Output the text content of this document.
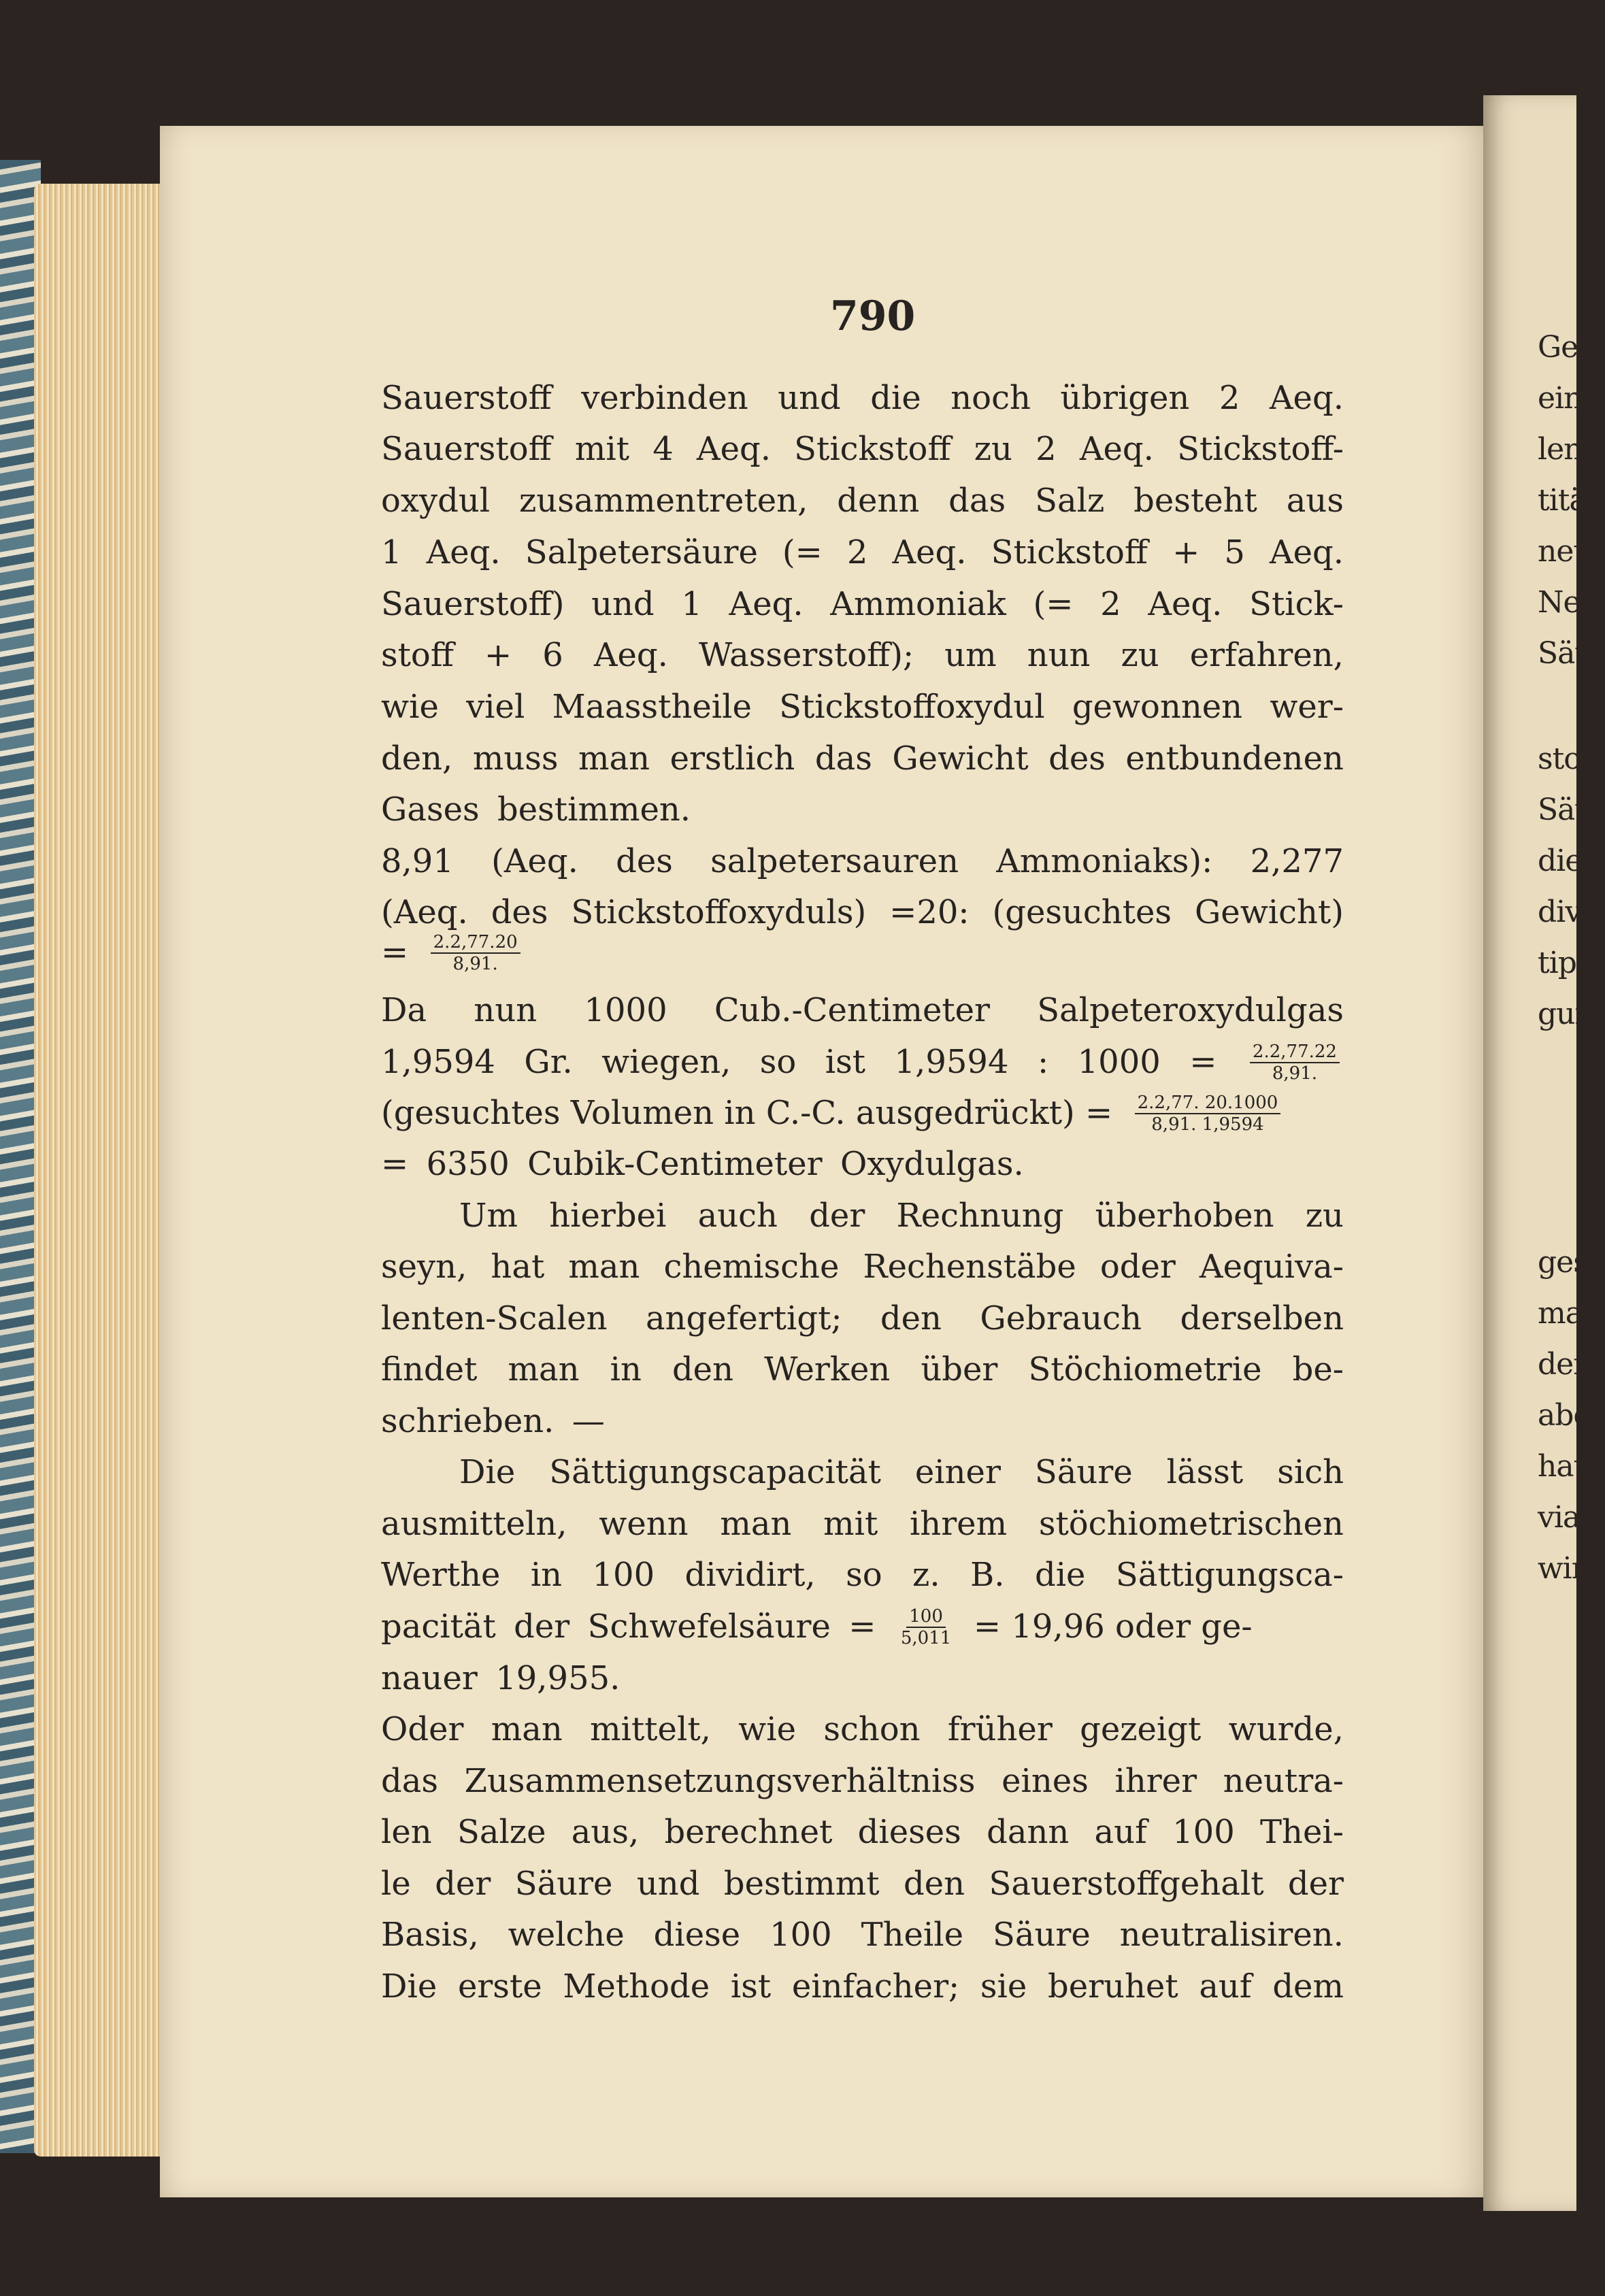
Ges
ein
len
titä
neu
Nei
Sät
stof
Säu
dies
divi
tipl
gun
gese
man
den
abe
hat
viat
wir
790
Sauerstoff verbinden und die noch übrigen 2 Aeq.
Sauerstoff mit 4 Aeq. Stickstoff zu 2 Aeq. Stickstoff-
oxydul zusammentreten, denn das Salz besteht aus
1 Aeq. Salpetersäure (= 2 Aeq. Stickstoff + 5 Aeq.
Sauerstoff) und 1 Aeq. Ammoniak (= 2 Aeq. Stick-
stoff + 6 Aeq. Wasserstoff); um nun zu erfahren,
wie viel Maasstheile Stickstoffoxydul gewonnen wer-
den, muss man erstlich das Gewicht des entbundenen
Gases bestimmen.
8,91 (Aeq. des salpetersauren Ammoniaks): 2,277
(Aeq. des Stickstoffoxyduls) =20: (gesuchtes Gewicht)
Da nun 1000 Cub.-Centimeter Salpeteroxydulgas
1,9594 Gr. wiegen, so ist 1,9594 : $1000 = \frac{2.2,77.22}{8,91.}$
(gesuchtes Volumen in C.-C. ausgedrückt) = $\frac{2.2,77. 20.1000}{8,91. 1,9594}$
= 6350 Cubik-Centimeter Oxydulgas.
Um hierbei auch der Rechnung überhoben zu
seyn, hat man chemische Rechenstäbe oder Aequiva-
lenten-Scalen angefertigt; den Gebrauch derselben
findet man in den Werken über Stöchiometrie be-
schrieben. —
Die Sättigungscapacität einer Säure lässt sich
ausmitteln, wenn man mit ihrem stöchiometrischen
Werthe in 100 dividirt, so z. B. die Sättigungsca-
pacität der Schwefelsäure = $\frac{100}{5,011} = 19,96$ oder ge-
nauer 19,955.
Oder man mittelt, wie schon früher gezeigt wurde,
das Zusammensetzungsverhältniss eines ihrer neutra-
len Salze aus, berechnet dieses dann auf 100 Thei-
le der Säure und bestimmt den Sauerstoffgehalt der
Basis, welche diese 100 Theile Säure neutralisiren.
Die erste Methode ist einfacher; sie beruhet auf dem
= $\frac{2.2,77.20}{8,91.}$
